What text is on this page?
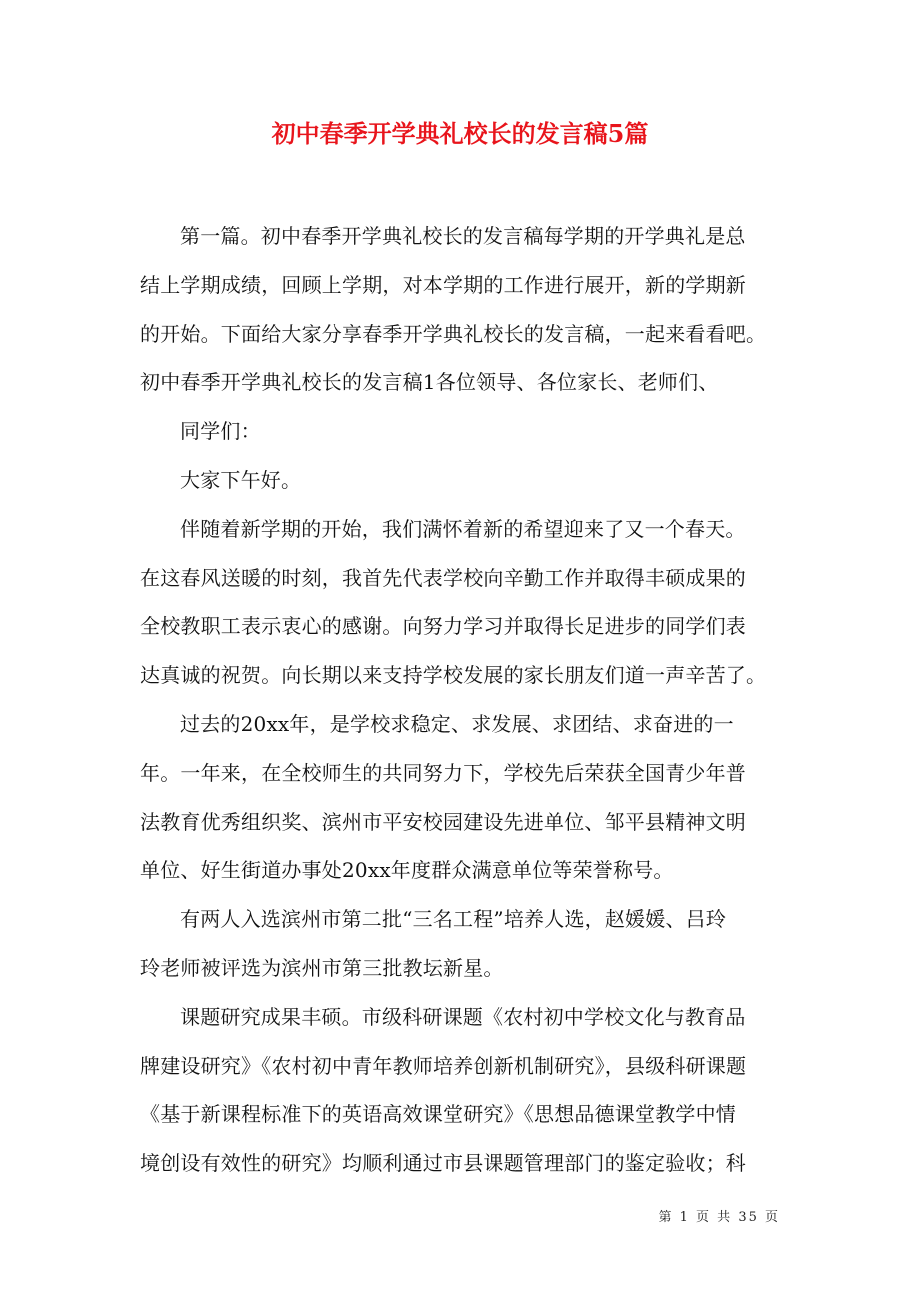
初中春季开学典礼校长的发言稿5篇
第一篇。初中春季开学典礼校长的发言稿每学期的开学典礼是总
结上学期成绩，回顾上学期，对本学期的工作进行展开，新的学期新
的开始。下面给大家分享春季开学典礼校长的发言稿，一起来看看吧。
初中春季开学典礼校长的发言稿1各位领导、各位家长、老师们、
同学们：
大家下午好。
伴随着新学期的开始，我们满怀着新的希望迎来了又一个春天。
在这春风送暖的时刻，我首先代表学校向辛勤工作并取得丰硕成果的
全校教职工表示衷心的感谢。向努力学习并取得长足进步的同学们表
达真诚的祝贺。向长期以来支持学校发展的家长朋友们道一声辛苦了。
过去的20xx年，是学校求稳定、求发展、求团结、求奋进的一
年。一年来，在全校师生的共同努力下，学校先后荣获全国青少年普
法教育优秀组织奖、滨州市平安校园建设先进单位、邹平县精神文明
单位、好生街道办事处20xx年度群众满意单位等荣誉称号。
有两人入选滨州市第二批“三名工程”培养人选，赵媛媛、吕玲
玲老师被评选为滨州市第三批教坛新星。
课题研究成果丰硕。市级科研课题《农村初中学校文化与教育品
牌建设研究》《农村初中青年教师培养创新机制研究》，县级科研课题
《基于新课程标准下的英语高效课堂研究》《思想品德课堂教学中情
境创设有效性的研究》均顺利通过市县课题管理部门的鉴定验收；科
第 1 页 共 35 页
